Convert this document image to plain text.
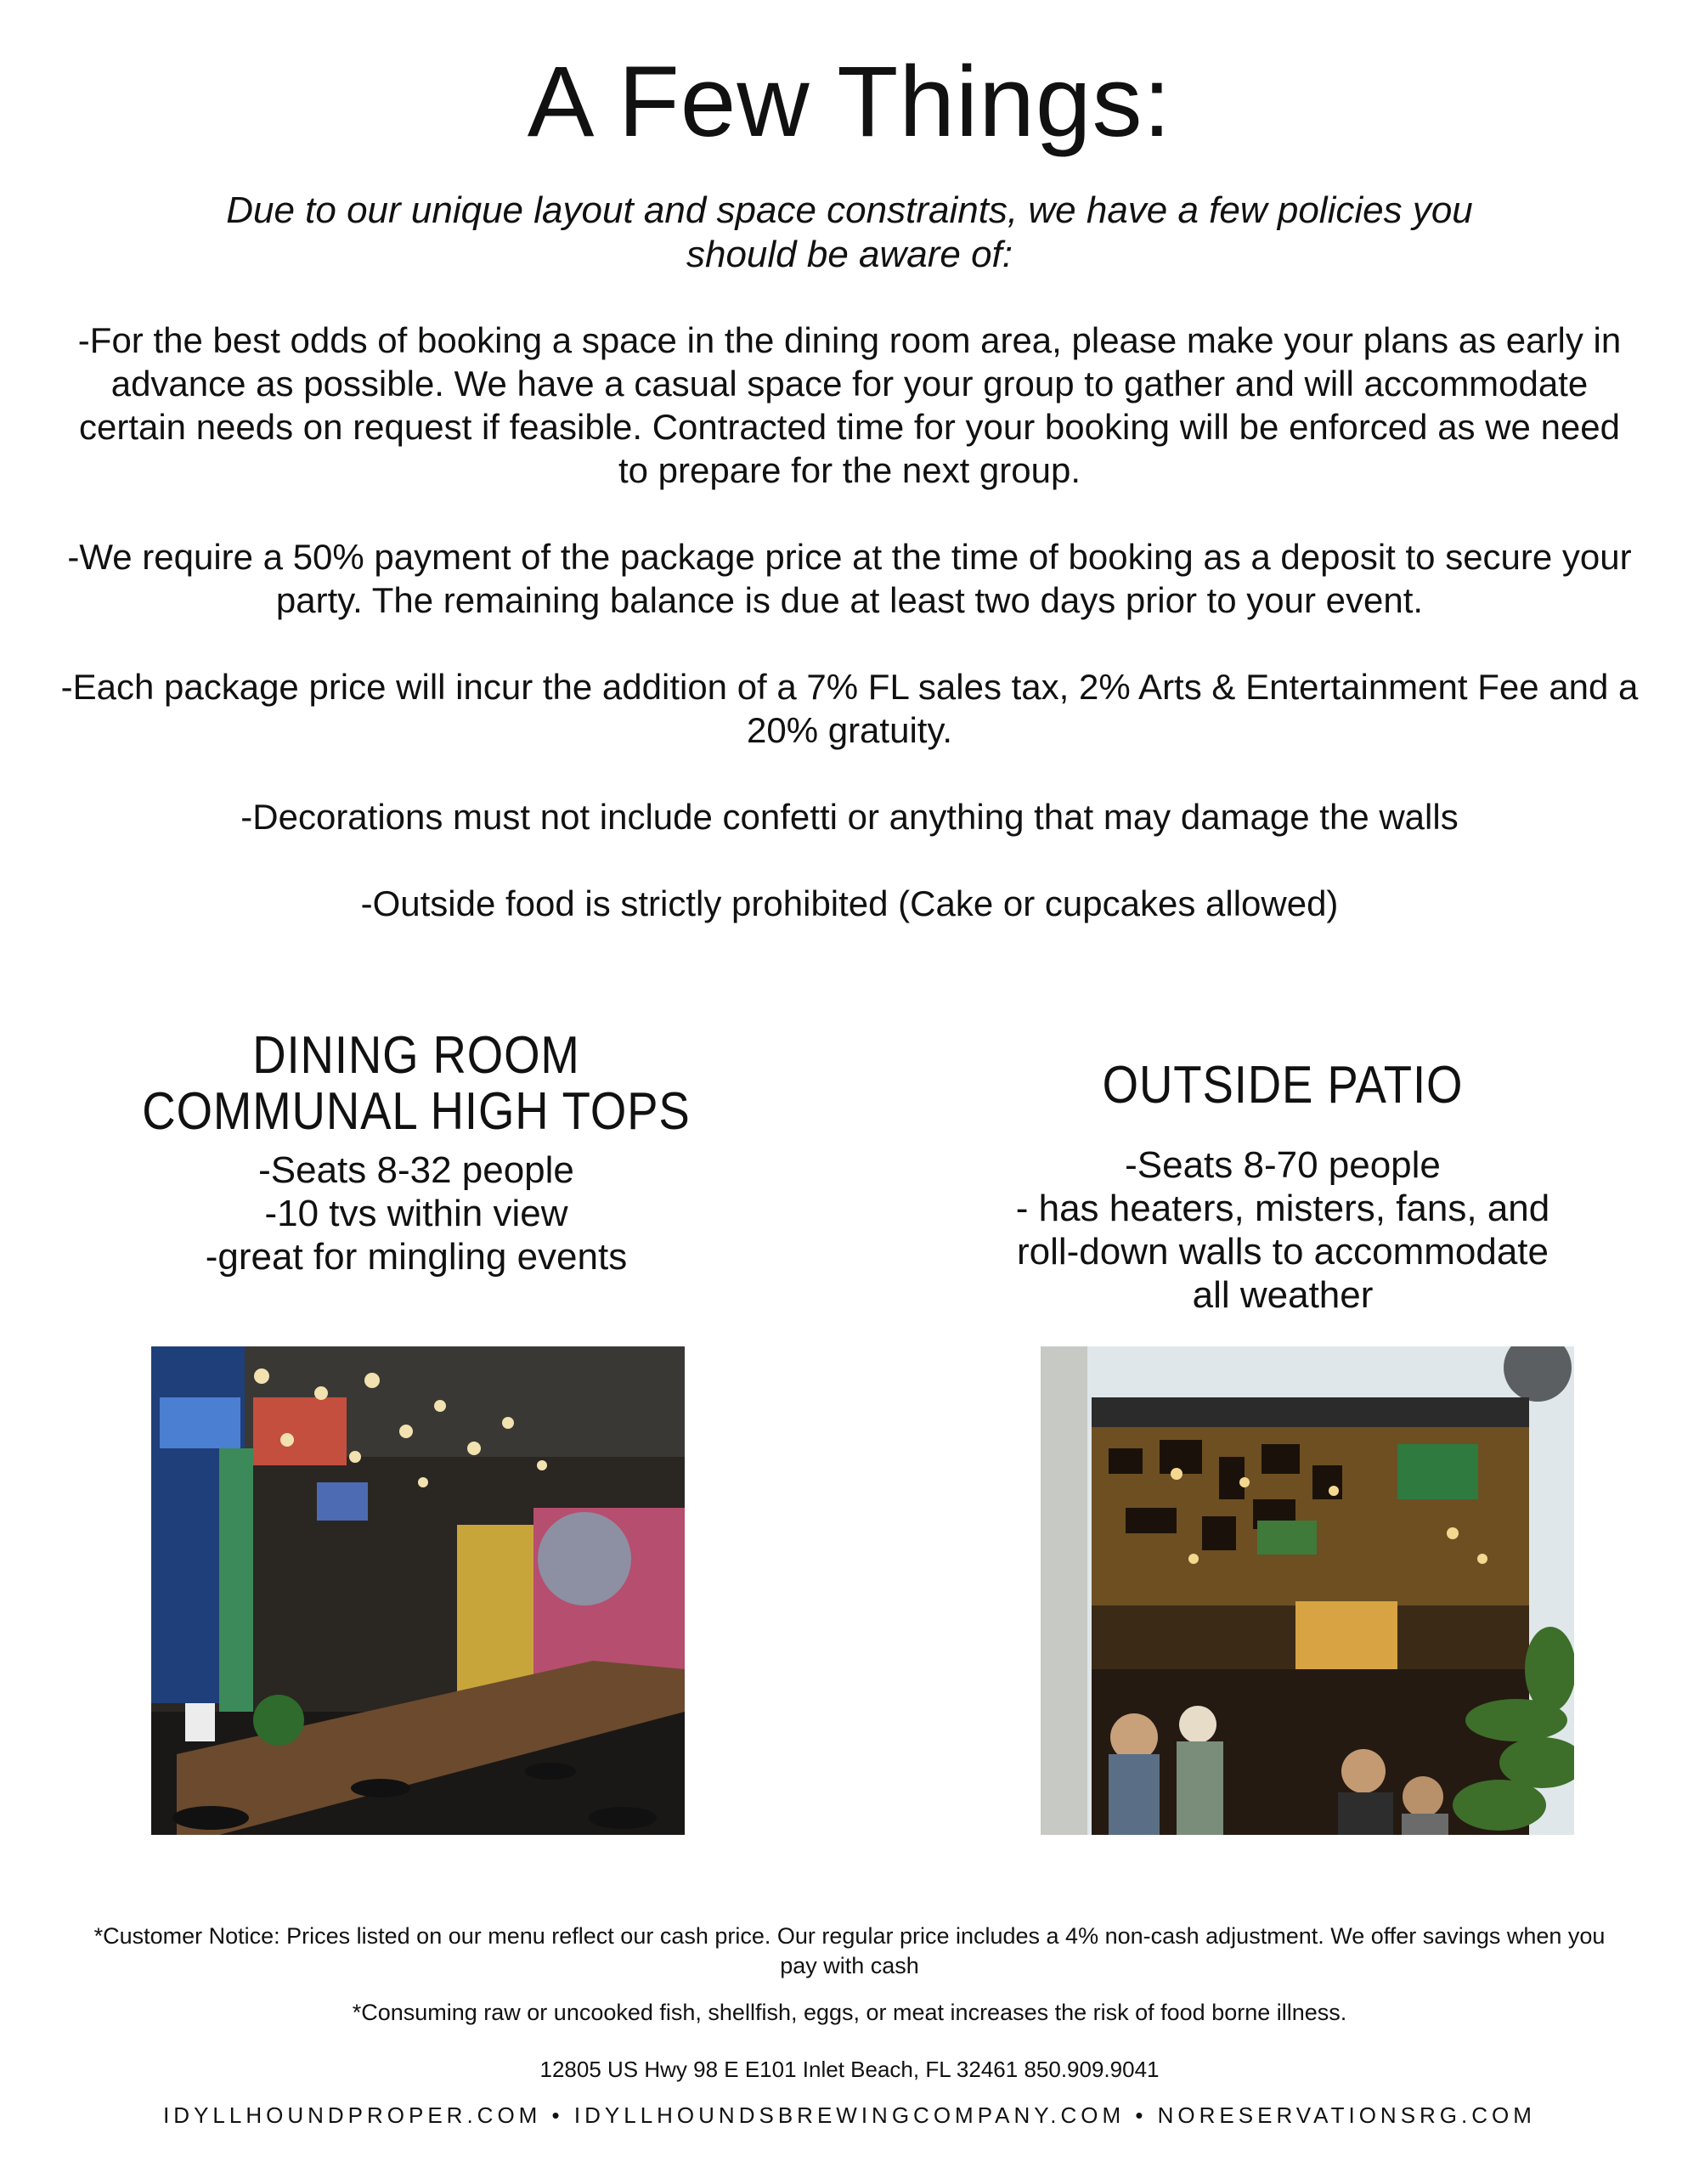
A Few Things:
Due to our unique layout and space constraints, we have a few policies you should be aware of:

-For the best odds of booking a space in the dining room area, please make your plans as early in advance as possible. We have a casual space for your group to gather and will accommodate certain needs on request if feasible. Contracted time for your booking will be enforced as we need to prepare for the next group.

-We require a 50% payment of the package price at the time of booking as a deposit to secure your party. The remaining balance is due at least two days prior to your event.

-Each package price will incur the addition of a 7% FL sales tax, 2% Arts & Entertainment Fee and a 20% gratuity.

-Decorations must not include confetti or anything that may damage the walls

-Outside food is strictly prohibited (Cake or cupcakes allowed)

DINING ROOM
COMMUNAL HIGH TOPS
-Seats 8-32 people
-10 tvs within view
-great for mingling events
OUTSIDE PATIO
-Seats 8-70 people
- has heaters, misters, fans, and
roll-down walls to accommodate
all weather
*Customer Notice: Prices listed on our menu reflect our cash price. Our regular price includes a 4% non-cash adjustment. We offer savings when you pay with cash
*Consuming raw or uncooked fish, shellfish, eggs, or meat increases the risk of food borne illness.
12805 US Hwy 98 E E101 Inlet Beach, FL 32461 850.909.9041
IDYLLHOUNDPROPER.COM • IDYLLHOUNDSBREWINGCOMPANY.COM • NORESERVATIONSRG.COM
